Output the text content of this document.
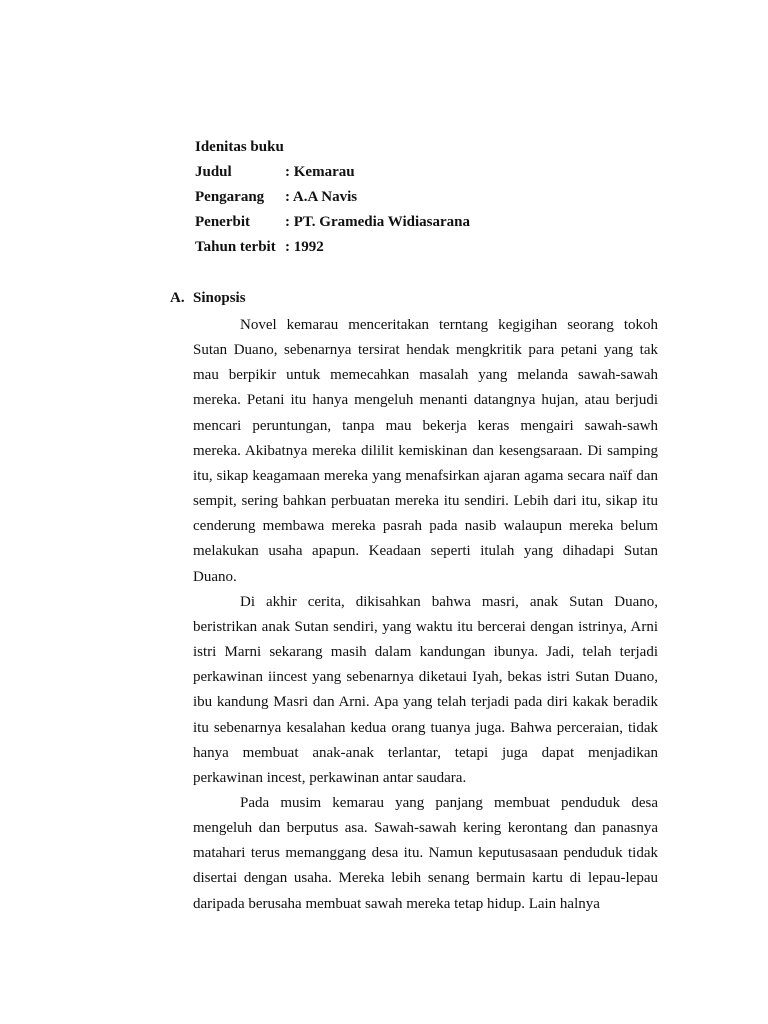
Idenitas buku
Judul	: Kemarau
Pengarang	: A.A Navis
Penerbit	: PT. Gramedia Widiasarana
Tahun terbit : 1992
A. Sinopsis

Novel kemarau menceritakan terntang kegigihan seorang tokoh Sutan Duano, sebenarnya tersirat hendak mengkritik para petani yang tak mau berpikir untuk memecahkan masalah yang melanda sawah-sawah mereka. Petani itu hanya mengeluh menanti datangnya hujan, atau berjudi mencari peruntungan, tanpa mau bekerja keras mengairi sawah-sawh mereka. Akibatnya mereka dililit kemiskinan dan kesengsaraan. Di samping itu, sikap keagamaan mereka yang menafsirkan ajaran agama secara naïf dan sempit, sering bahkan perbuatan mereka itu sendiri. Lebih dari itu, sikap itu cenderung membawa mereka pasrah pada nasib walaupun mereka belum melakukan usaha apapun. Keadaan seperti itulah yang dihadapi Sutan Duano.

Di akhir cerita, dikisahkan bahwa masri, anak Sutan Duano, beristrikan anak Sutan sendiri, yang waktu itu bercerai dengan istrinya, Arni istri Marni sekarang masih dalam kandungan ibunya. Jadi, telah terjadi perkawinan iincest yang sebenarnya diketaui Iyah, bekas istri Sutan Duano, ibu kandung Masri dan Arni. Apa yang telah terjadi pada diri kakak beradik itu sebenarnya kesalahan kedua orang tuanya juga. Bahwa perceraian, tidak hanya membuat anak-anak terlantar, tetapi juga dapat menjadikan perkawinan incest, perkawinan antar saudara.

Pada musim kemarau yang panjang membuat penduduk desa mengeluh dan berputus asa. Sawah-sawah kering kerontang dan panasnya matahari terus memanggang desa itu. Namun keputusasaan penduduk tidak disertai dengan usaha. Mereka lebih senang bermain kartu di lepau-lepau daripada berusaha membuat sawah mereka tetap hidup. Lain halnya
